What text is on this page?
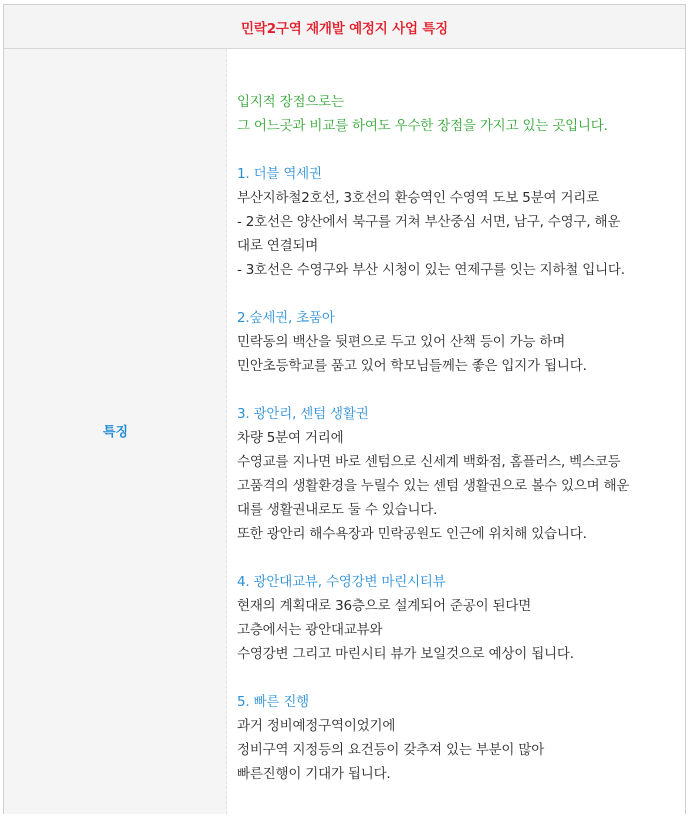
민락2구역 재개발 예정지 사업 특징
특징
입지적 장점으로는
그 어느곳과 비교를 하여도 우수한 장점을 가지고 있는 곳입니다.
1. 더블 역세권
부산지하철2호선, 3호선의 환승역인 수영역 도보 5분여 거리로
- 2호선은 양산에서 북구를 거쳐 부산중심 서면, 남구, 수영구, 해운
대로 연결되며
- 3호선은 수영구와 부산 시청이 있는 연제구를 잇는 지하철 입니다.
2.숲세권, 초품아
민락동의 백산을 뒷편으로 두고 있어 산책 등이 가능 하며
민안초등학교를 품고 있어 학모님들께는 좋은 입지가 됩니다.
3. 광안리, 센텀 생활권
차량 5분여 거리에
수영교를 지나면 바로 센텀으로 신세계 백화점, 홈플러스, 벡스코등
고품격의 생활환경을 누릴수 있는 센텀 생활권으로 볼수 있으며 해운
대를 생활권내로도 둘 수 있습니다.
또한 광안리 해수욕장과 민락공원도 인근에 위치해 있습니다.
4. 광안대교뷰, 수영강변 마린시티뷰
현재의 계획대로 36층으로 설계되어 준공이 된다면
고층에서는 광안대교뷰와
수영강변 그리고 마린시티 뷰가 보일것으로 예상이 됩니다.
5. 빠른 진행
과거 정비예정구역이었기에
정비구역 지정등의 요건등이 갖추져 있는 부분이 많아
빠른진행이 기대가 됩니다.
